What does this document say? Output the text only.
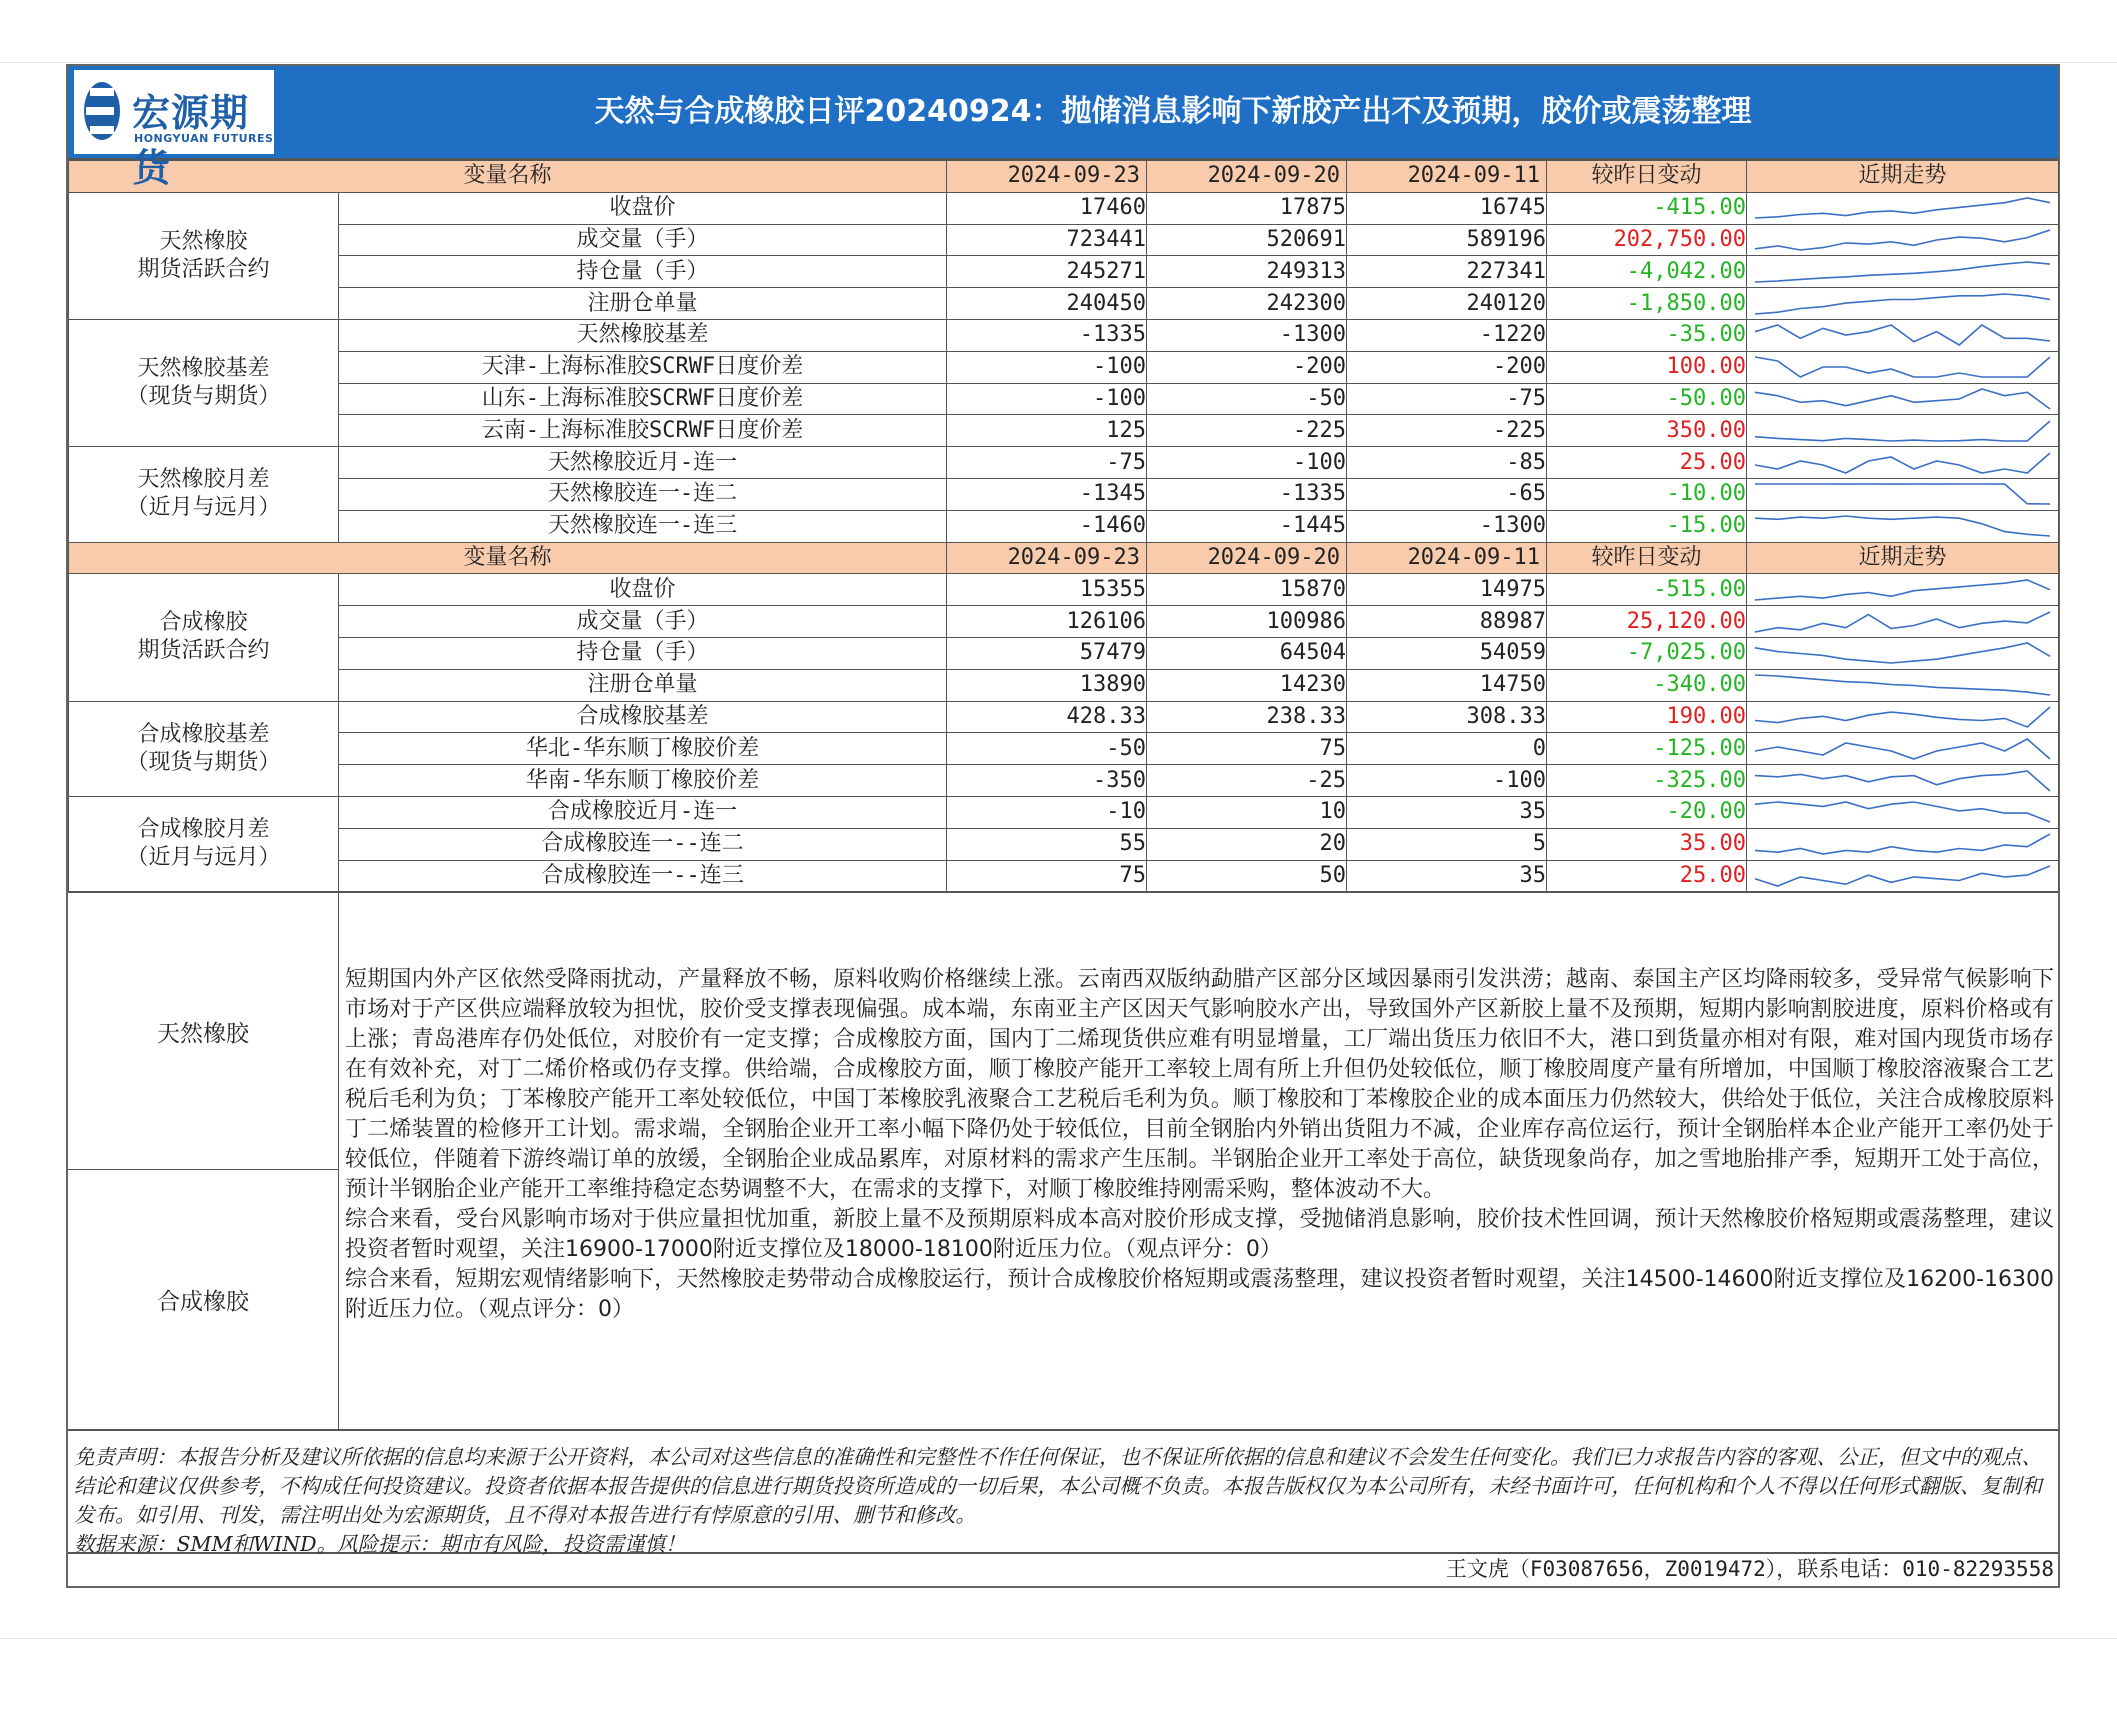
宏源期货
HONGYUAN FUTURES
天然与合成橡胶日评20240924：抛储消息影响下新胶产出不及预期，胶价或震荡整理
变量名称		2024-09-23	2024-09-20	2024-09-11	较昨日变动	近期走势
天然橡胶
期货活跃合约	收盘价	17460	17875	16745	-415.00	

	成交量（手）	723441	520691	589196	202,750.00	

	持仓量（手）	245271	249313	227341	-4,042.00	

	注册仓单量	240450	242300	240120	-1,850.00	

天然橡胶基差
（现货与期货）	天然橡胶基差	-1335	-1300	-1220	-35.00	

	天津-上海标准胶SCRWF日度价差	-100	-200	-200	100.00	

	山东-上海标准胶SCRWF日度价差	-100	-50	-75	-50.00	

	云南-上海标准胶SCRWF日度价差	125	-225	-225	350.00	

天然橡胶月差
（近月与远月）	天然橡胶近月-连一	-75	-100	-85	25.00	

	天然橡胶连一-连二	-1345	-1335	-65	-10.00	

	天然橡胶连一-连三	-1460	-1445	-1300	-15.00	

变量名称		2024-09-23	2024-09-20	2024-09-11	较昨日变动	近期走势
合成橡胶
期货活跃合约	收盘价	15355	15870	14975	-515.00	

	成交量（手）	126106	100986	88987	25,120.00	

	持仓量（手）	57479	64504	54059	-7,025.00	

	注册仓单量	13890	14230	14750	-340.00	

合成橡胶基差
（现货与期货）	合成橡胶基差	428.33	238.33	308.33	190.00	

	华北-华东顺丁橡胶价差	-50	75	0	-125.00	

	华南-华东顺丁橡胶价差	-350	-25	-100	-325.00	

合成橡胶月差
（近月与远月）	合成橡胶近月-连一	-10	10	35	-20.00	

	合成橡胶连一--连二	55	20	5	35.00	

	合成橡胶连一--连三	75	50	35	25.00	
天然橡胶
合成橡胶

短期国内外产区依然受降雨扰动，产量释放不畅，原料收购价格继续上涨。云南西双版纳勐腊产区部分区域因暴雨引发洪涝；越南、泰国主产区均降雨较多，受异常气候影响下市场对于产区供应端释放较为担忧，胶价受支撑表现偏强。成本端，东南亚主产区因天气影响胶水产出，导致国外产区新胶上量不及预期，短期内影响割胶进度，原料价格或有上涨；青岛港库存仍处低位，对胶价有一定支撑；合成橡胶方面，国内丁二烯现货供应难有明显增量，工厂端出货压力依旧不大，港口到货量亦相对有限，难对国内现货市场存在有效补充，对丁二烯价格或仍存支撑。供给端，合成橡胶方面，顺丁橡胶产能开工率较上周有所上升但仍处较低位，顺丁橡胶周度产量有所增加，中国顺丁橡胶溶液聚合工艺税后毛利为负；丁苯橡胶产能开工率处较低位，中国丁苯橡胶乳液聚合工艺税后毛利为负。顺丁橡胶和丁苯橡胶企业的成本面压力仍然较大，供给处于低位，关注合成橡胶原料丁二烯装置的检修开工计划。需求端，全钢胎企业开工率小幅下降仍处于较低位，目前全钢胎内外销出货阻力不减，企业库存高位运行，预计全钢胎样本企业产能开工率仍处于较低位，伴随着下游终端订单的放缓，全钢胎企业成品累库，对原材料的需求产生压制。半钢胎企业开工率处于高位，缺货现象尚存，加之雪地胎排产季，短期开工处于高位，预计半钢胎企业产能开工率维持稳定态势调整不大，在需求的支撑下，对顺丁橡胶维持刚需采购，整体波动不大。

综合来看，受台风影响市场对于供应量担忧加重，新胶上量不及预期原料成本高对胶价形成支撑，受抛储消息影响，胶价技术性回调，预计天然橡胶价格短期或震荡整理，建议投资者暂时观望，关注16900-17000附近支撑位及18000-18100附近压力位。（观点评分：0）

综合来看，短期宏观情绪影响下，天然橡胶走势带动合成橡胶运行，预计合成橡胶价格短期或震荡整理，建议投资者暂时观望，关注14500-14600附近支撑位及16200-16300附近压力位。（观点评分：0）

免责声明：本报告分析及建议所依据的信息均来源于公开资料，本公司对这些信息的准确性和完整性不作任何保证，也不保证所依据的信息和建议不会发生任何变化。我们已力求报告内容的客观、公正，但文中的观点、结论和建议仅供参考，不构成任何投资建议。投资者依据本报告提供的信息进行期货投资所造成的一切后果，本公司概不负责。本报告版权仅为本公司所有，未经书面许可，任何机构和个人不得以任何形式翻版、复制和发布。如引用、刊发，需注明出处为宏源期货，且不得对本报告进行有悖原意的引用、删节和修改。
数据来源：SMM和WIND。风险提示：期市有风险，投资需谨慎！
王文虎（F03087656，Z0019472），联系电话：010-82293558
